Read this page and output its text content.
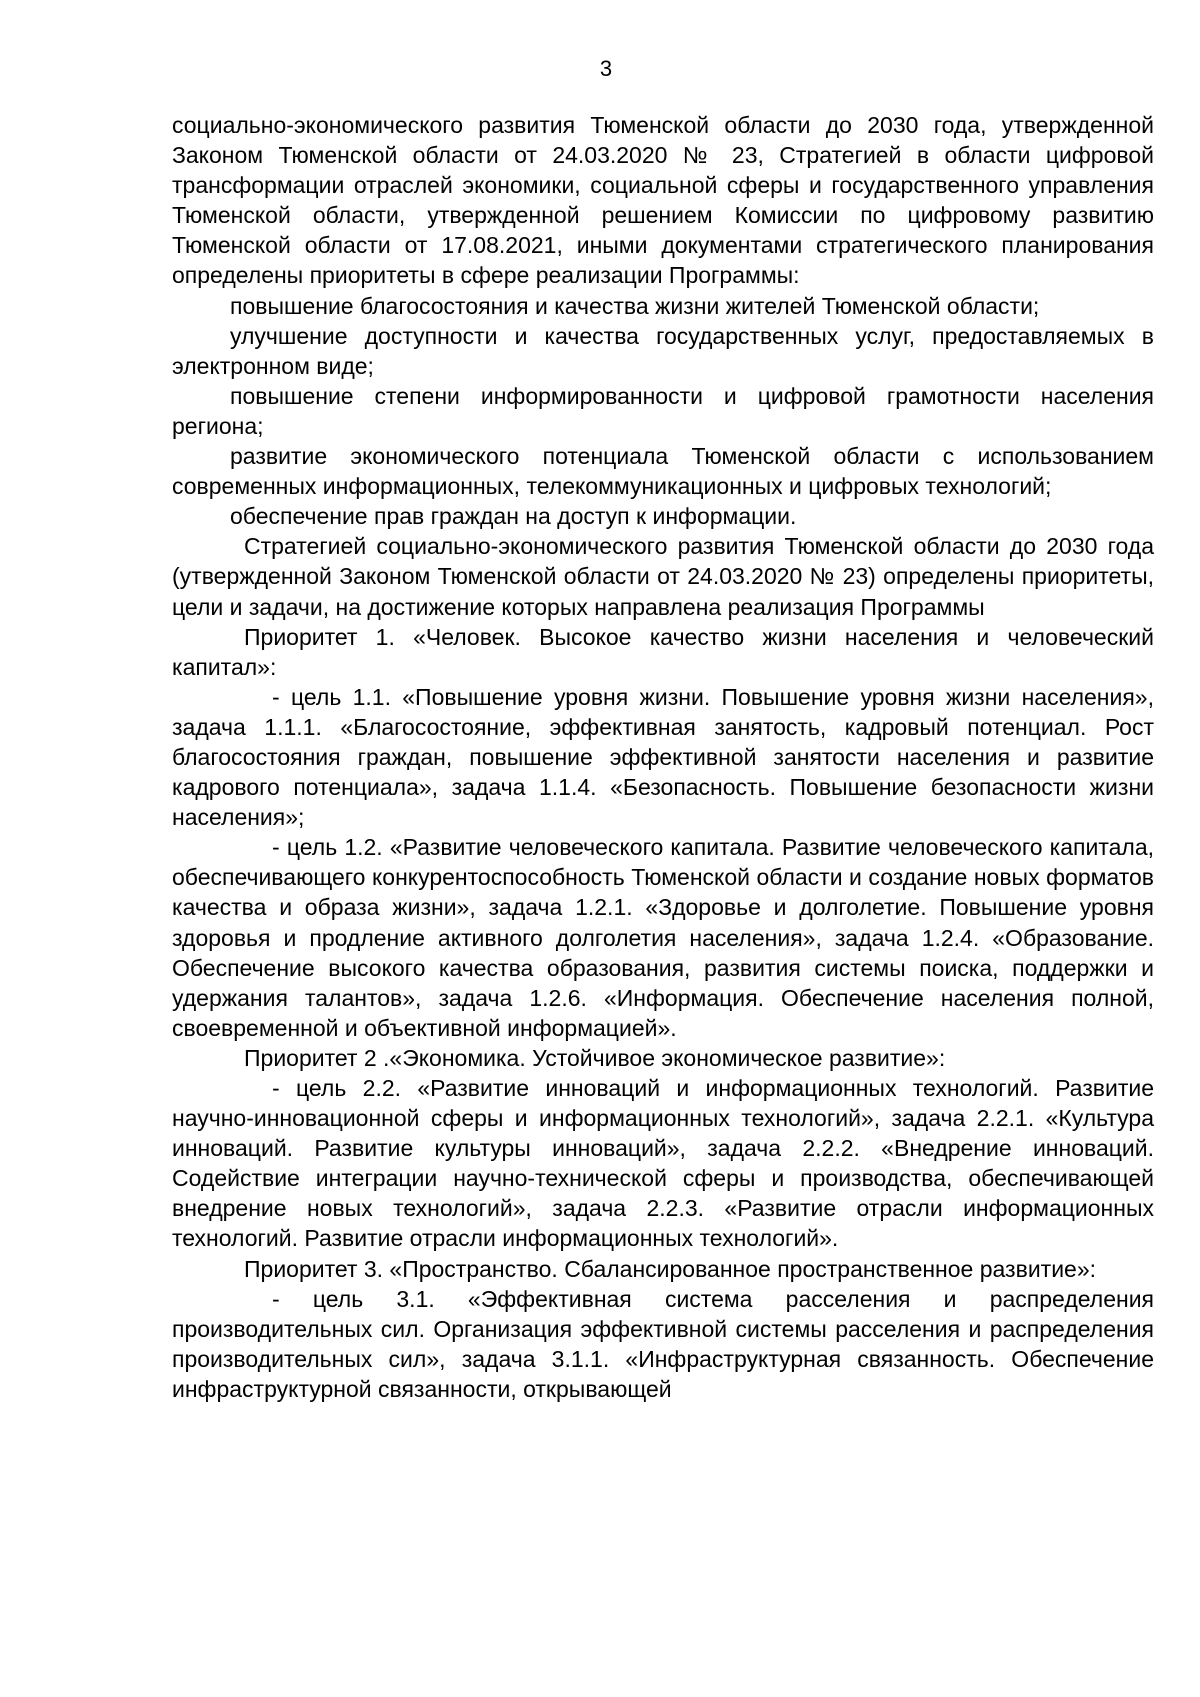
3

социально-экономического развития Тюменской области до 2030 года, утвержденной Законом Тюменской области от 24.03.2020 № 23, Стратегией в области цифровой трансформации отраслей экономики, социальной сферы и государственного управления Тюменской области, утвержденной решением Комиссии по цифровому развитию Тюменской области от 17.08.2021, иными документами стратегического планирования определены приоритеты в сфере реализации Программы:

повышение благосостояния и качества жизни жителей Тюменской области;

улучшение доступности и качества государственных услуг, предоставляемых в электронном виде;

повышение степени информированности и цифровой грамотности населения региона;

развитие экономического потенциала Тюменской области с использованием современных информационных, телекоммуникационных и цифровых технологий;

обеспечение прав граждан на доступ к информации.

Стратегией социально-экономического развития Тюменской области до 2030 года (утвержденной Законом Тюменской области от 24.03.2020 № 23) определены приоритеты, цели и задачи, на достижение которых направлена реализация Программы

Приоритет 1. «Человек. Высокое качество жизни населения и человеческий капитал»:

- цель 1.1. «Повышение уровня жизни. Повышение уровня жизни населения», задача 1.1.1. «Благосостояние, эффективная занятость, кадровый потенциал. Рост благосостояния граждан, повышение эффективной занятости населения и развитие кадрового потенциала», задача 1.1.4. «Безопасность. Повышение безопасности жизни населения»;

- цель 1.2. «Развитие человеческого капитала. Развитие человеческого капитала, обеспечивающего конкурентоспособность Тюменской области и создание новых форматов качества и образа жизни», задача 1.2.1. «Здоровье и долголетие. Повышение уровня здоровья и продление активного долголетия населения», задача 1.2.4. «Образование. Обеспечение высокого качества образования, развития системы поиска, поддержки и удержания талантов», задача 1.2.6. «Информация. Обеспечение населения полной, своевременной и объективной информацией».

Приоритет 2 .«Экономика. Устойчивое экономическое развитие»:

- цель 2.2. «Развитие инноваций и информационных технологий. Развитие научно-инновационной сферы и информационных технологий», задача 2.2.1. «Культура инноваций. Развитие культуры инноваций», задача 2.2.2. «Внедрение инноваций. Содействие интеграции научно-технической сферы и производства, обеспечивающей внедрение новых технологий», задача 2.2.3. «Развитие отрасли информационных технологий. Развитие отрасли информационных технологий».

Приоритет 3. «Пространство. Сбалансированное пространственное развитие»:

- цель 3.1. «Эффективная система расселения и распределения производительных сил. Организация эффективной системы расселения и распределения производительных сил», задача 3.1.1. «Инфраструктурная связанность. Обеспечение инфраструктурной связанности, открывающей
